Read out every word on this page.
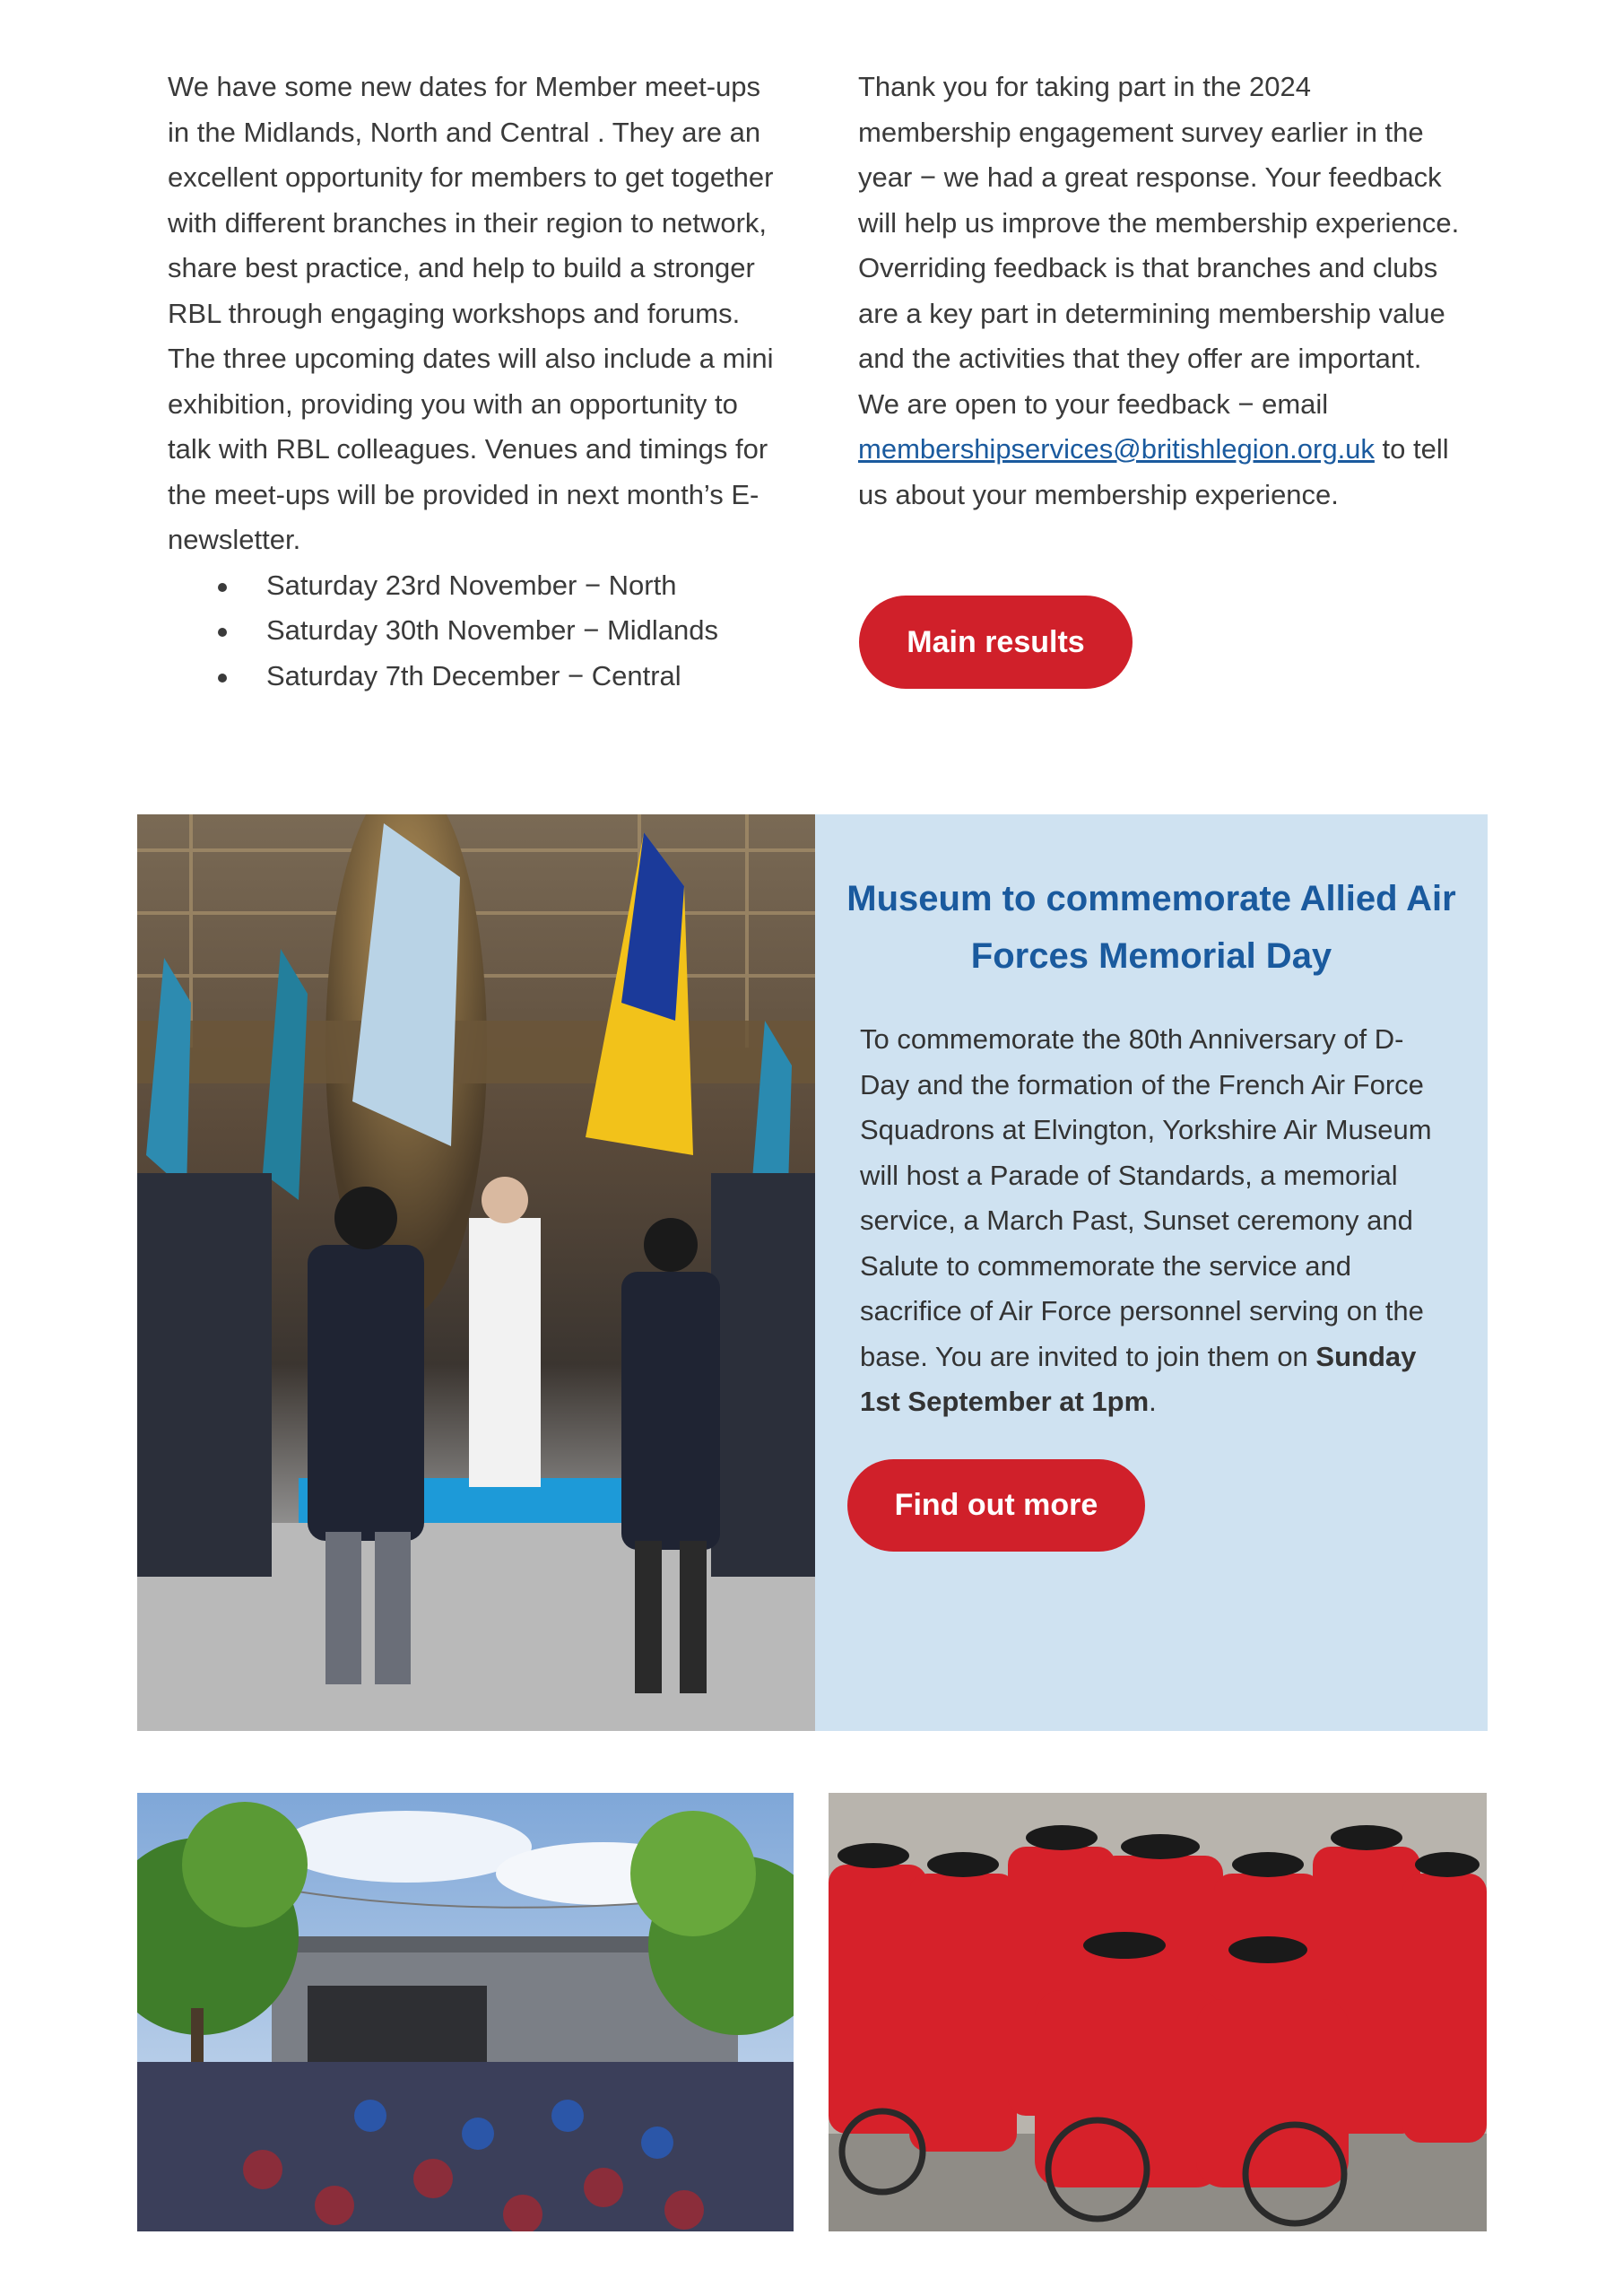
We have some new dates for Member meet-ups in the Midlands, North and Central . They are an excellent opportunity for members to get together with different branches in their region to network, share best practice, and help to build a stronger RBL through engaging workshops and forums. The three upcoming dates will also include a mini exhibition, providing you with an opportunity to talk with RBL colleagues. Venues and timings for the meet-ups will be provided in next month’s E-newsletter.

Saturday 23rd November − North
Saturday 30th November − Midlands
Saturday 7th December − Central

Thank you for taking part in the 2024 membership engagement survey earlier in the year − we had a great response. Your feedback will help us improve the membership experience. Overriding feedback is that branches and clubs are a key part in determining membership value and the activities that they offer are important. We are open to your feedback − email
membershipservices@britishlegion.org.uk to tell us about your membership experience.

Main results
Museum to commemorate Allied Air Forces Memorial Day

To commemorate the 80th Anniversary of D-Day and the formation of the French Air Force Squadrons at Elvington, Yorkshire Air Museum will host a Parade of Standards, a memorial service, a March Past, Sunset ceremony and Salute to commemorate the service and sacrifice of Air Force personnel serving on the base. You are invited to join them on Sunday 1st September at 1pm.

Find out more
